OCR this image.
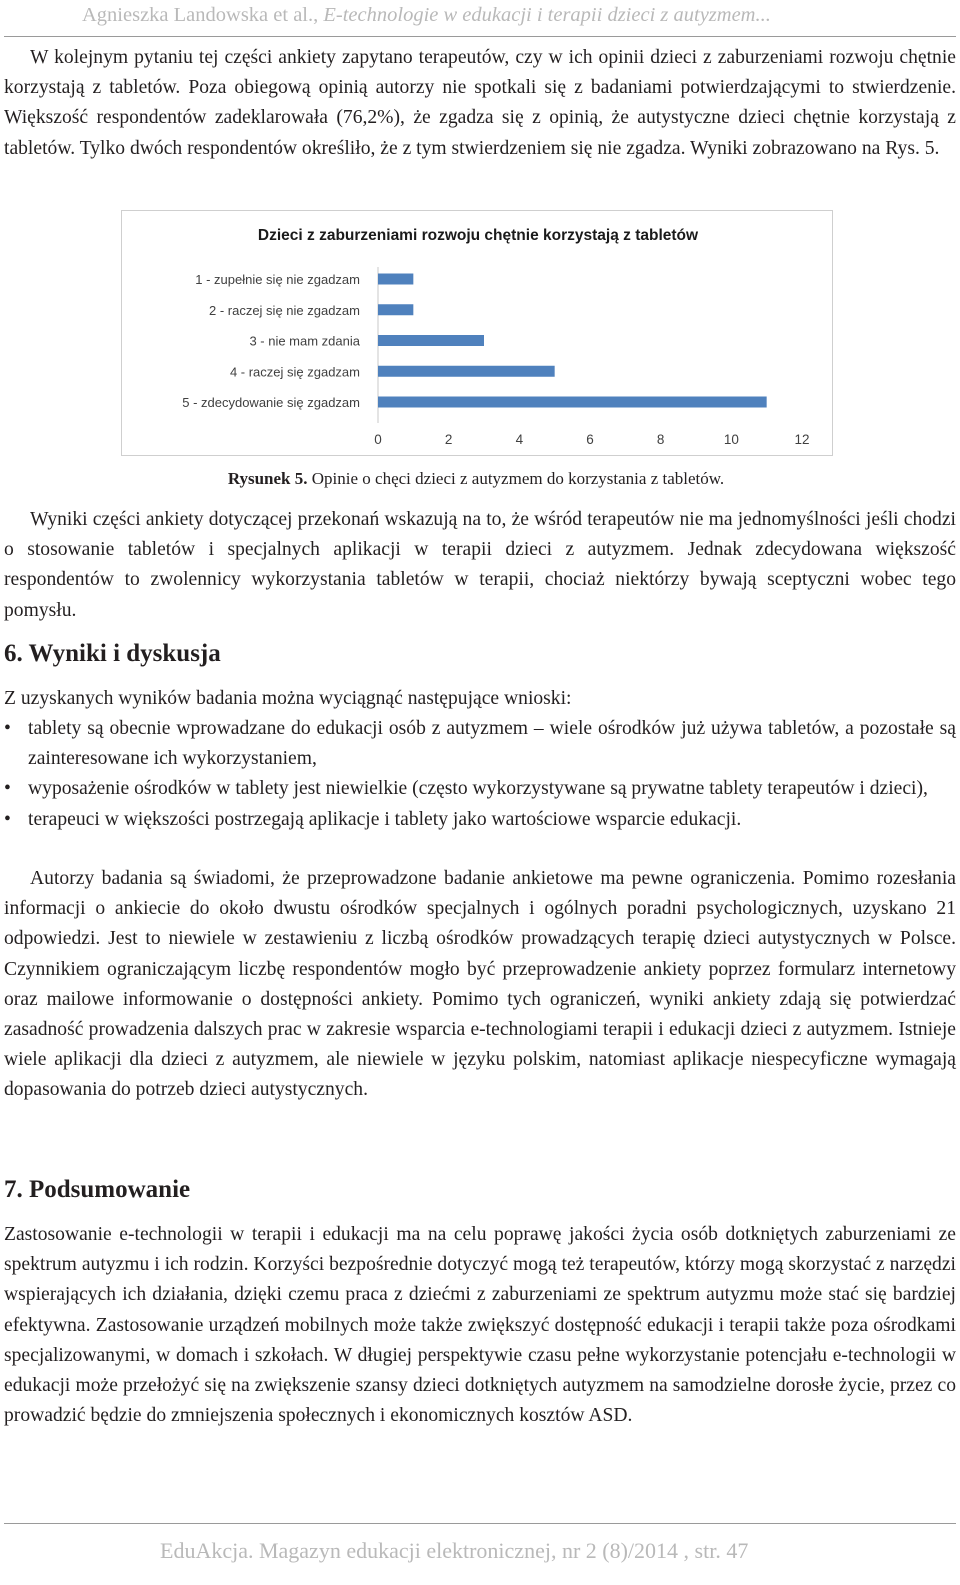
Agnieszka Landowska et al., E-technologie w edukacji i terapii dzieci z autyzmem...

W kolejnym pytaniu tej części ankiety zapytano terapeutów, czy w ich opinii dzieci z zaburzeniami rozwoju chętnie korzystają z tabletów. Poza obiegową opinią autorzy nie spotkali się z badaniami potwierdzającymi to stwierdzenie. Większość respondentów zadeklarowała (76,2%), że zgadza się z opinią, że autystyczne dzieci chętnie korzystają z tabletów. Tylko dwóch respondentów określiło, że z tym stwierdzeniem się nie zgadza. Wyniki zobrazowano na Rys. 5.

Dzieci z zaburzeniami rozwoju chętnie korzystają z tabletów
1 - zupełnie się nie zgadzam
2 - raczej się nie zgadzam
3 - nie mam zdania
4 - raczej się zgadzam
5 - zdecydowanie się zgadzam
0	2	4	6	8	10	12
Rysunek 5. Opinie o chęci dzieci z autyzmem do korzystania z tabletów.

Wyniki części ankiety dotyczącej przekonań wskazują na to, że wśród terapeutów nie ma jednomyślności jeśli chodzi o stosowanie tabletów i specjalnych aplikacji w terapii dzieci z autyzmem. Jednak zdecydowana większość respondentów to zwolennicy wykorzystania tabletów w terapii, chociaż niektórzy bywają sceptyczni wobec tego pomysłu.

6. Wyniki i dyskusja

Z uzyskanych wyników badania można wyciągnąć następujące wnioski:

• tablety są obecnie wprowadzane do edukacji osób z autyzmem – wiele ośrodków już używa tabletów, a pozostałe są zainteresowane ich wykorzystaniem,
• wyposażenie ośrodków w tablety jest niewielkie (często wykorzystywane są prywatne tablety terapeutów i dzieci),
• terapeuci w większości postrzegają aplikacje i tablety jako wartościowe wsparcie edukacji.

Autorzy badania są świadomi, że przeprowadzone badanie ankietowe ma pewne ograniczenia. Pomimo rozesłania informacji o ankiecie do około dwustu ośrodków specjalnych i ogólnych poradni psychologicznych, uzyskano 21 odpowiedzi. Jest to niewiele w zestawieniu z liczbą ośrodków prowadzących terapię dzieci autystycznych w Polsce. Czynnikiem ograniczającym liczbę respondentów mogło być przeprowadzenie ankiety poprzez formularz internetowy oraz mailowe informowanie o dostępności ankiety. Pomimo tych ograniczeń, wyniki ankiety zdają się potwierdzać zasadność prowadzenia dalszych prac w zakresie wsparcia e-technologiami terapii i edukacji dzieci z autyzmem. Istnieje wiele aplikacji dla dzieci z autyzmem, ale niewiele w języku polskim, natomiast aplikacje niespecyficzne wymagają dopasowania do potrzeb dzieci autystycznych.

7. Podsumowanie

Zastosowanie e-technologii w terapii i edukacji ma na celu poprawę jakości życia osób dotkniętych zaburzeniami ze spektrum autyzmu i ich rodzin. Korzyści bezpośrednie dotyczyć mogą też terapeutów, którzy mogą skorzystać z narzędzi wspierających ich działania, dzięki czemu praca z dziećmi z zaburzeniami ze spektrum autyzmu może stać się bardziej efektywna. Zastosowanie urządzeń mobilnych może także zwiększyć dostępność edukacji i terapii także poza ośrodkami specjalizowanymi, w domach i szkołach. W długiej perspektywie czasu pełne wykorzystanie potencjału e-technologii w edukacji może przełożyć się na zwiększenie szansy dzieci dotkniętych autyzmem na samodzielne dorosłe życie, przez co prowadzić będzie do zmniejszenia społecznych i ekonomicznych kosztów ASD.

EduAkcja. Magazyn edukacji elektronicznej, nr 2 (8)/2014 , str. 47
